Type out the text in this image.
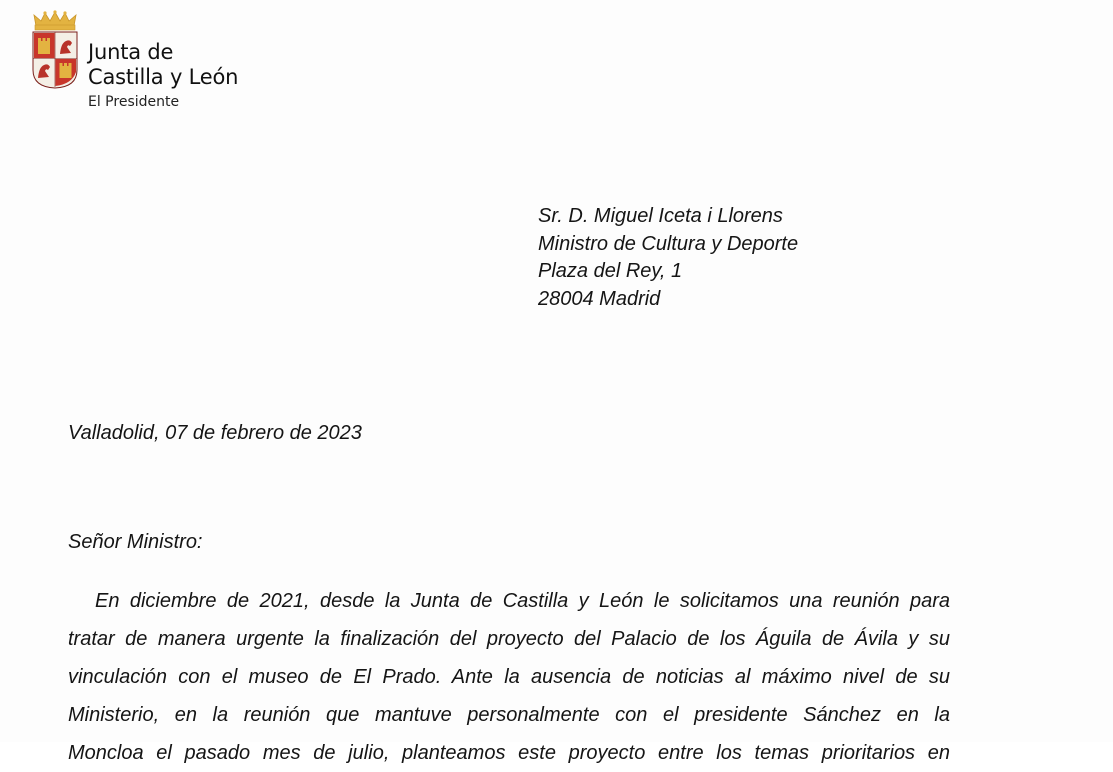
Junta de
Castilla y León
El Presidente
Sr. D. Miguel Iceta i Llorens
Ministro de Cultura y Deporte
Plaza del Rey, 1
28004 Madrid
Valladolid, 07 de febrero de 2023
Señor Ministro:
En diciembre de 2021, desde la Junta de Castilla y León le solicitamos una reunión para
tratar de manera urgente la finalización del proyecto del Palacio de los Águila de Ávila y su
vinculación con el museo de El Prado. Ante la ausencia de noticias al máximo nivel de su
Ministerio, en la reunión que mantuve personalmente con el presidente Sánchez en la
Moncloa el pasado mes de julio, planteamos este proyecto entre los temas prioritarios en
